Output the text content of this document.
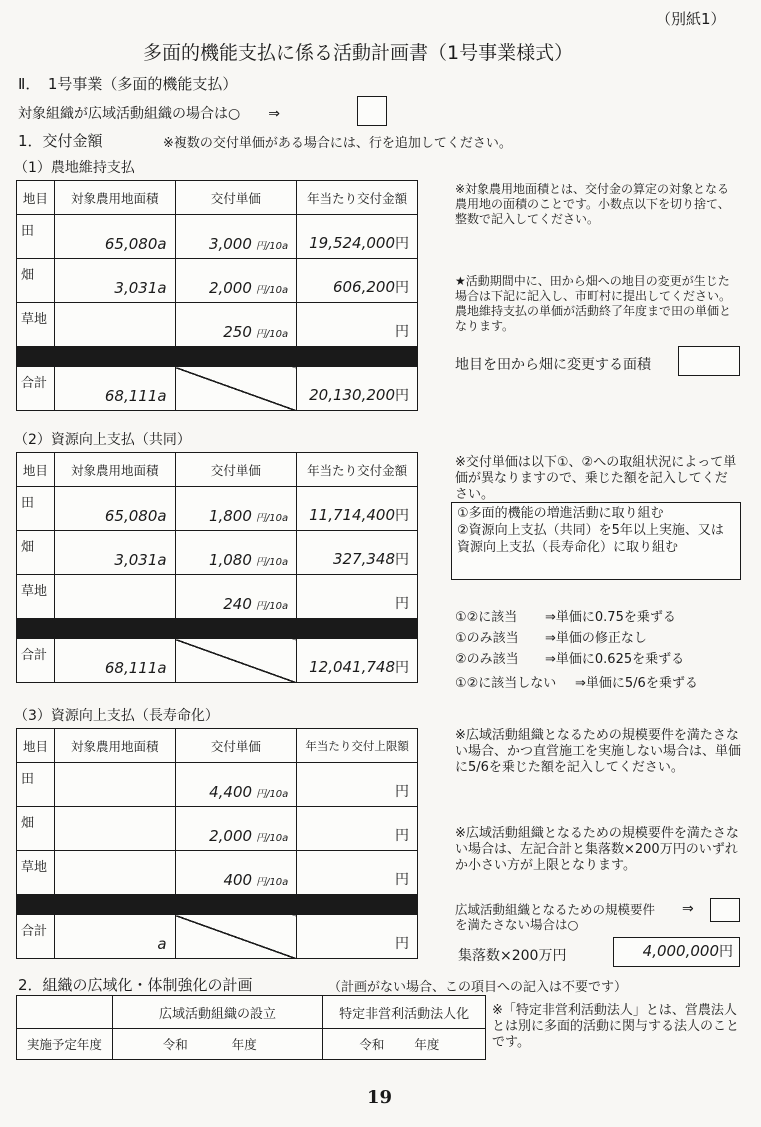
（別紙1）
多面的機能支払に係る活動計画書（1号事業様式）
Ⅱ．　1号事業（多面的機能支払）
対象組織が広域活動組織の場合は○　　⇒
1．交付金額	※複数の交付単価がある場合には、行を追加してください。
（1）農地維持支払
地目	対象農用地面積	交付単価	年当たり交付金額
田	65,080a	3,000 円/10a	19,524,000円
畑	3,031a	2,000 円/10a	606,200円
草地		250 円/10a	円

合計	68,111a		20,130,200円
※対象農用地面積とは、交付金の算定の対象となる農用地の面積のことです。小数点以下を切り捨て、整数で記入してください。
★活動期間中に、田から畑への地目の変更が生じた場合は下記に記入し、市町村に提出してください。農地維持支払の単価が活動終了年度まで田の単価となります。
地目を田から畑に変更する面積
（2）資源向上支払（共同）
地目	対象農用地面積	交付単価	年当たり交付金額
田	65,080a	1,800 円/10a	11,714,400円
畑	3,031a	1,080 円/10a	327,348円
草地		240 円/10a	円

合計	68,111a		12,041,748円
※交付単価は以下①、②への取組状況によって単価が異なりますので、乗じた額を記入してください。
①多面的機能の増進活動に取り組む
②資源向上支払（共同）を5年以上実施、又は資源向上支払（長寿命化）に取り組む
①②に該当 ⇒単価に0.75を乗ずる
①のみ該当 ⇒単価の修正なし
②のみ該当 ⇒単価に0.625を乗ずる
①②に該当しない ⇒単価に5/6を乗ずる
（3）資源向上支払（長寿命化）
地目	対象農用地面積	交付単価	年当たり交付上限額
田		4,400 円/10a	円
畑		2,000 円/10a	円
草地		400 円/10a	円

合計	a		円
※広域活動組織となるための規模要件を満たさない場合、かつ直営施工を実施しない場合は、単価に5/6を乗じた額を記入してください。
※広域活動組織となるための規模要件を満たさない場合は、左記合計と集落数×200万円のいずれか小さい方が上限となります。
広域活動組織となるための規模要件を満たさない場合は○
⇒
集落数×200万円	4,000,000円
2．組織の広域化・体制強化の計画	（計画がない場合、この項目への記入は不要です）
	広域活動組織の設立	特定非営利活動法人化
実施予定年度	令和 年度	令和 年度
※「特定非営利活動法人」とは、営農法人とは別に多面的活動に関与する法人のことです。
19
